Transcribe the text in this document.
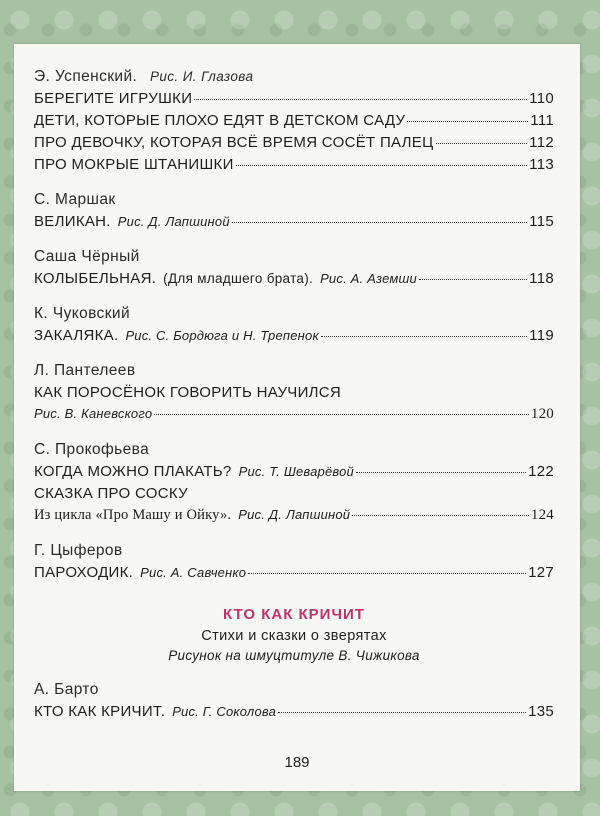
Э. Успенский. Рис. И. Глазова
БЕРЕГИТЕ ИГРУШКИ	110
ДЕТИ, КОТОРЫЕ ПЛОХО ЕДЯТ В ДЕТСКОМ САДУ	111
ПРО ДЕВОЧКУ, КОТОРАЯ ВСЁ ВРЕМЯ СОСЁТ ПАЛЕЦ	112
ПРО МОКРЫЕ ШТАНИШКИ	113
С. Маршак
ВЕЛИКАН. Рис. Д. Лапшиной	115
Саша Чёрный
КОЛЫБЕЛЬНАЯ. (Для младшего брата). Рис. А. Аземши	118
К. Чуковский
ЗАКАЛЯКА. Рис. С. Бордюга и Н. Трепенок	119
Л. Пантелеев
КАК ПОРОСЁНОК ГОВОРИТЬ НАУЧИЛСЯ
Рис. В. Каневского	120
С. Прокофьева
КОГДА МОЖНО ПЛАКАТЬ? Рис. Т. Шеварёвой	122
СКАЗКА ПРО СОСКУ
Из цикла «Про Машу и Ойку». Рис. Д. Лапшиной	124
Г. Цыферов
ПАРОХОДИК. Рис. А. Савченко	127
КТО КАК КРИЧИТ
Стихи и сказки о зверятах
Рисунок на шмуцтитуле В. Чижикова
А. Барто
КТО КАК КРИЧИТ. Рис. Г. Соколова	135
189
